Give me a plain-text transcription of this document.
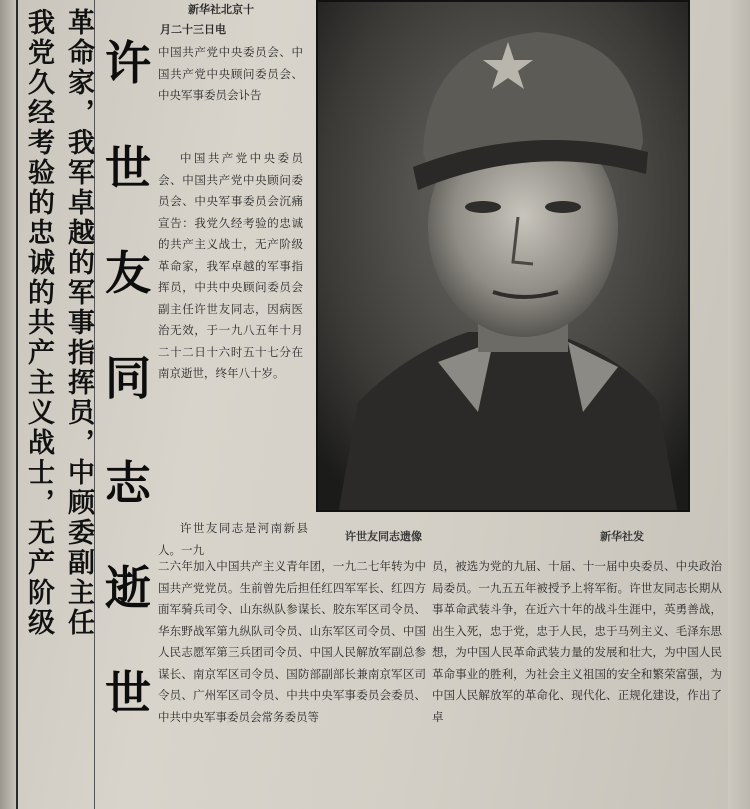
革命家，我军卓越的军事指挥员，中顾委副主任
我党久经考验的忠诚的共产主义战士，无产阶级 许
世
友
同
志
逝
世
新华社北京十
月二十三日电
中国共产党中央委员会、中国共产党中央顾问委员会、中央军事委员会讣告
中国共产党中央委员会、中国共产党中央顾问委员会、中央军事委员会沉痛宣告：我党久经考验的忠诚的共产主义战士，无产阶级革命家，我军卓越的军事指挥员，中共中央顾问委员会副主任许世友同志，因病医治无效，于一九八五年十月二十二日十六时五十七分在南京逝世，终年八十岁。
许世友同志是河南新县人。一九
二六年加入中国共产主义青年团，一九二七年转为中国共产党党员。生前曾先后担任红四军军长、红四方面军骑兵司令、山东纵队参谋长、胶东军区司令员、华东野战军第九纵队司令员、山东军区司令员、中国人民志愿军第三兵团司令员、中国人民解放军副总参谋长、南京军区司令员、国防部副部长兼南京军区司令员、广州军区司令员、中共中央军事委员会委员、中共中央军事委员会常务委员等
员，被选为党的九届、十届、十一届中央委员、中央政治局委员。一九五五年被授予上将军衔。许世友同志长期从事革命武装斗争，在近六十年的战斗生涯中，英勇善战，出生入死，忠于党，忠于人民，忠于马列主义、毛泽东思想，为中国人民革命武装力量的发展和壮大，为中国人民革命事业的胜利，为社会主义祖国的安全和繁荣富强，为中国人民解放军的革命化、现代化、正规化建设，作出了卓
许世友同志遗像	新华社发
